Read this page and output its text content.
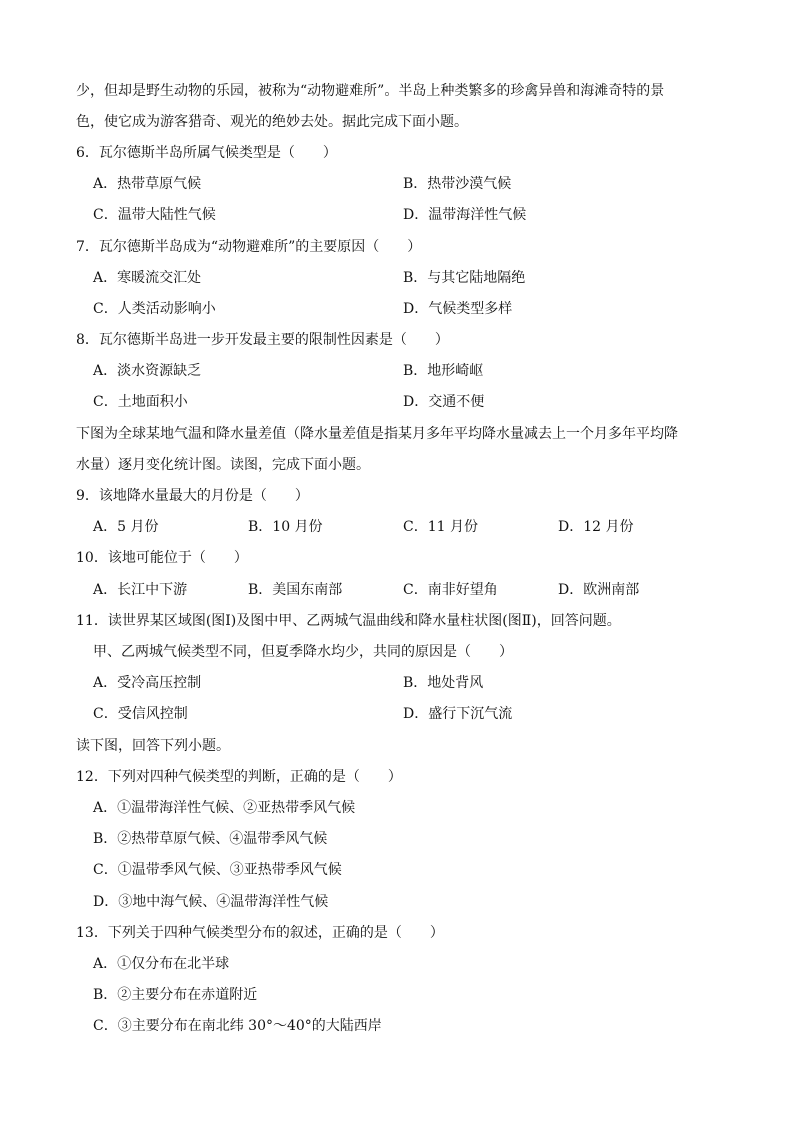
少，但却是野生动物的乐园，被称为“动物避难所”。半岛上种类繁多的珍禽异兽和海滩奇特的景
色，使它成为游客猎奇、观光的绝妙去处。据此完成下面小题。
6．瓦尔德斯半岛所属气候类型是（　　）
A．热带草原气候	B．热带沙漠气候
C．温带大陆性气候	D．温带海洋性气候
7．瓦尔德斯半岛成为“动物避难所”的主要原因（　　）
A．寒暖流交汇处	B．与其它陆地隔绝
C．人类活动影响小	D．气候类型多样
8．瓦尔德斯半岛进一步开发最主要的限制性因素是（　　）
A．淡水资源缺乏	B．地形崎岖
C．土地面积小	D．交通不便
下图为全球某地气温和降水量差值（降水量差值是指某月多年平均降水量减去上一个月多年平均降
水量）逐月变化统计图。读图，完成下面小题。
9．该地降水量最大的月份是（　　）
A．5 月份	B．10 月份	C．11 月份	D．12 月份
10．该地可能位于（　　）
A．长江中下游	B．美国东南部	C．南非好望角	D．欧洲南部
11．读世界某区域图(图Ⅰ)及图中甲、乙两城气温曲线和降水量柱状图(图Ⅱ)，回答问题。
甲、乙两城气候类型不同，但夏季降水均少，共同的原因是（　　）
A．受冷高压控制	B．地处背风
C．受信风控制	D．盛行下沉气流
读下图，回答下列小题。
12．下列对四种气候类型的判断，正确的是（　　）
A．①温带海洋性气候、②亚热带季风气候
B．②热带草原气候、④温带季风气候
C．①温带季风气候、③亚热带季风气候
D．③地中海气候、④温带海洋性气候
13．下列关于四种气候类型分布的叙述，正确的是（　　）
A．①仅分布在北半球
B．②主要分布在赤道附近
C．③主要分布在南北纬 30°～40°的大陆西岸
